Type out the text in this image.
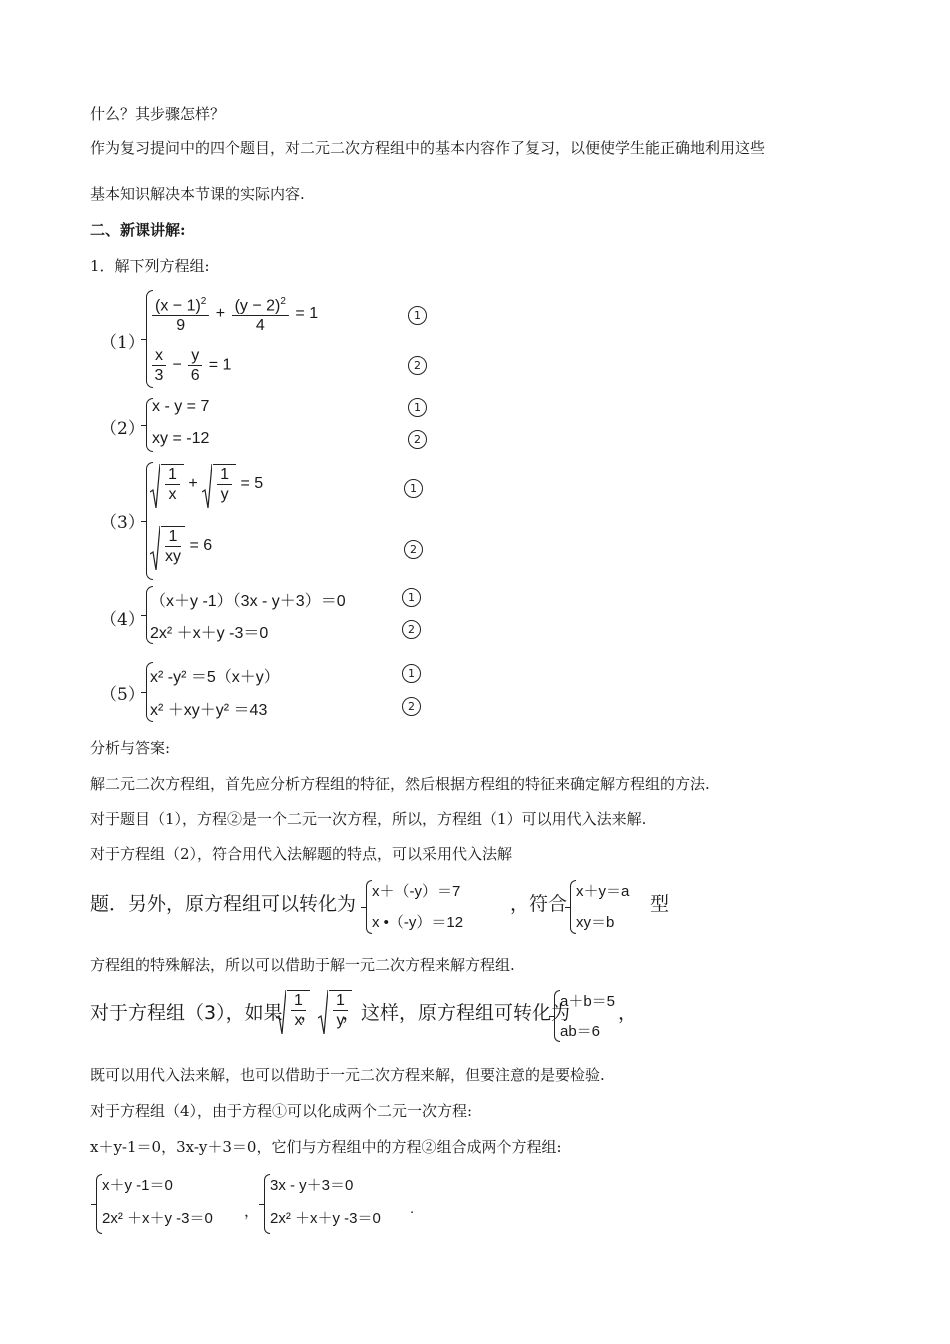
什么？其步骤怎样？
作为复习提问中的四个题目，对二元二次方程组中的基本内容作了复习，以便使学生能正确地利用这些
基本知识解决本节课的实际内容.
二、新课讲解:
1．解下列方程组:
（1）
$\frac{(x - 1)^2}{9} + \frac{(y - 2)^2}{4} = 1$
$\frac{x}{3} - \frac{y}{6} = 1$
1
2
（2）
x - y = 7
xy = -12
1
2
（3）
$\frac{1}{x} + \frac{1}{y} = 5$
$\frac{1}{xy} = 6$
1
2
（4）
（x＋y -1）（3x - y＋3）＝0
2x² ＋x＋y -3＝0
1
2
（5）
x² -y² ＝5（x＋y）
x² ＋xy＋y² ＝43
1
2
分析与答案:
解二元二次方程组，首先应分析方程组的特征，然后根据方程组的特征来确定解方程组的方法.
对于题目（1），方程②是一个二元一次方程，所以，方程组（1）可以用代入法来解.
对于方程组（2），符合用代入法解题的特点，可以采用代入法解
题．另外，原方程组可以转化为
x＋（-y）＝7
x •（-y）＝12
，符合
x＋y＝a
xy＝b
型
方程组的特殊解法，所以可以借助于解一元二次方程来解方程组.
对于方程组（3），如果 $\frac{1}{x}$
， $\frac{1}{y}$
，这样，原方程组可转化为
a＋b＝5
ab＝6
，
既可以用代入法来解，也可以借助于一元二次方程来解，但要注意的是要检验.
对于方程组（4），由于方程①可以化成两个二元一次方程:
x＋y-1＝0，3x-y＋3＝0，它们与方程组中的方程②组合成两个方程组:
x＋y -1＝0
2x² ＋x＋y -3＝0 ，
3x - y＋3＝0
2x² ＋x＋y -3＝0
.
